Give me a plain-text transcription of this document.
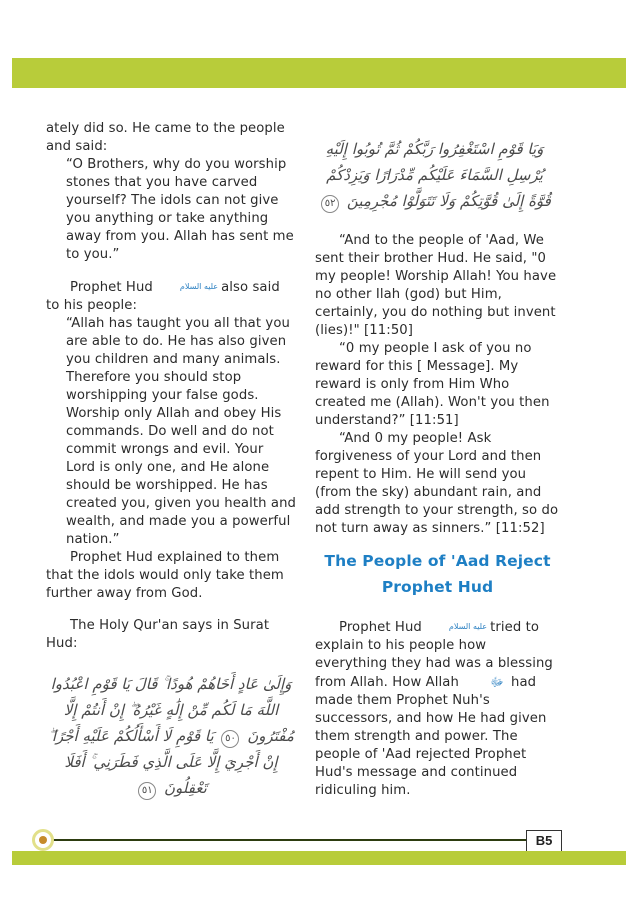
ately did so. He came to the people and said:

“O Brothers, why do you worship stones that you have carved yourself? The idols can not give you anything or take anything away from you. Allah has sent me to you.”

Prophet Hud	عليه السلام also said to his people:

“Allah has taught you all that you are able to do. He has also given you children and many animals. Therefore you should stop worshipping your false gods. Worship only Allah and obey His commands. Do well and do not commit wrongs and evil. Your Lord is only one, and He alone should be worshipped. He has created you, given you health and wealth, and made you a powerful nation.”

Prophet Hud explained to them that the idols would only take them further away from God.

The Holy Qur'an says in Surat Hud:

وَإِلَىٰ عَادٍ أَخَاهُمْ هُودًا ۚ قَالَ يَا قَوْمِ اعْبُدُوا اللَّهَ مَا لَكُم مِّنْ إِلَٰهٍ غَيْرُهُ ۖ إِنْ أَنتُمْ إِلَّا مُفْتَرُونَ ٥٠ يَا قَوْمِ لَا أَسْأَلُكُمْ عَلَيْهِ أَجْرًا ۖ إِنْ أَجْرِيَ إِلَّا عَلَى الَّذِي فَطَرَنِي ۚ أَفَلَا تَعْقِلُونَ ٥١
وَيَا قَوْمِ اسْتَغْفِرُوا رَبَّكُمْ ثُمَّ تُوبُوا إِلَيْهِ يُرْسِلِ السَّمَاءَ عَلَيْكُم مِّدْرَارًا وَيَزِدْكُمْ قُوَّةً إِلَىٰ قُوَّتِكُمْ وَلَا تَتَوَلَّوْا مُجْرِمِينَ ٥٢

“And to the people of 'Aad, We sent their brother Hud. He said, "0 my people! Worship Allah! You have no other Ilah (god) but Him, certainly, you do nothing but invent (lies)!" [11:50]

“0 my people I ask of you no reward for this [ Message]. My reward is only from Him Who created me (Allah). Won't you then understand?” [11:51]

“And 0 my people! Ask forgiveness of your Lord and then repent to Him. He will send you (from the sky) abundant rain, and add strength to your strength, so do not turn away as sinners.” [11:52]

The People of 'Aad Reject
Prophet Hud

Prophet Hud	عليه السلام tried to explain to his people how everything they had was a blessing from Allah. How Allah	ﷻ had made them Prophet Nuh's successors, and how He had given them strength and power. The people of 'Aad rejected Prophet Hud's message and continued ridiculing him.

B5
